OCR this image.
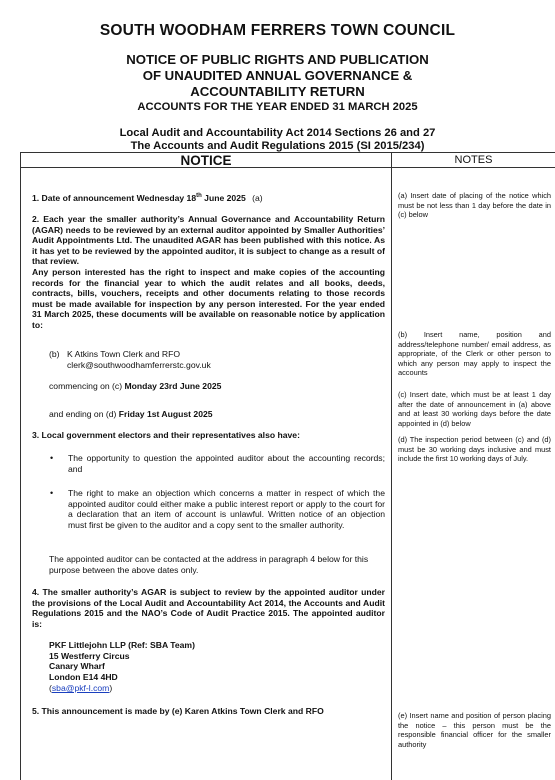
SOUTH WOODHAM FERRERS TOWN COUNCIL
NOTICE OF PUBLIC RIGHTS AND PUBLICATION
OF UNAUDITED ANNUAL GOVERNANCE &
ACCOUNTABILITY RETURN
ACCOUNTS FOR THE YEAR ENDED 31 MARCH 2025
Local Audit and Accountability Act 2014 Sections 26 and 27
The Accounts and Audit Regulations 2015 (SI 2015/234)
NOTICE	NOTES
1. Date of announcement Wednesday 18th June 2025 (a)
2. Each year the smaller authority’s Annual Governance and Accountability Return (AGAR) needs to be reviewed by an external auditor appointed by Smaller Authorities’ Audit Appointments Ltd. The unaudited AGAR has been published with this notice. As it has yet to be reviewed by the appointed auditor, it is subject to change as a result of that review.
Any person interested has the right to inspect and make copies of the accounting records for the financial year to which the audit relates and all books, deeds, contracts, bills, vouchers, receipts and other documents relating to those records must be made available for inspection by any person interested. For the year ended 31 March 2025, these documents will be available on reasonable notice by application to:
(b) K Atkins Town Clerk and RFO
clerk@southwoodhamferrerstc.gov.uk
commencing on (c) Monday 23rd June 2025
and ending on (d) Friday 1st August 2025
3. Local government electors and their representatives also have:
• The opportunity to question the appointed auditor about the accounting records; and
• The right to make an objection which concerns a matter in respect of which the appointed auditor could either make a public interest report or apply to the court for a declaration that an item of account is unlawful. Written notice of an objection must first be given to the auditor and a copy sent to the smaller authority.
The appointed auditor can be contacted at the address in paragraph 4 below for this purpose between the above dates only.
4. The smaller authority’s AGAR is subject to review by the appointed auditor under the provisions of the Local Audit and Accountability Act 2014, the Accounts and Audit Regulations 2015 and the NAO’s Code of Audit Practice 2015. The appointed auditor is:
PKF Littlejohn LLP (Ref: SBA Team)
15 Westferry Circus
Canary Wharf
London E14 4HD
(sba@pkf-l.com)
5. This announcement is made by (e) Karen Atkins Town Clerk and RFO
(a) Insert date of placing of the notice which must be not less than 1 day before the date in (c) below
(b) Insert name, position and address/telephone number/ email address, as appropriate, of the Clerk or other person to which any person may apply to inspect the accounts
(c) Insert date, which must be at least 1 day after the date of announcement in (a) above and at least 30 working days before the date appointed in (d) below
(d) The inspection period between (c) and (d) must be 30 working days inclusive and must include the first 10 working days of July.
(e) Insert name and position of person placing the notice – this person must be the responsible financial officer for the smaller authority
